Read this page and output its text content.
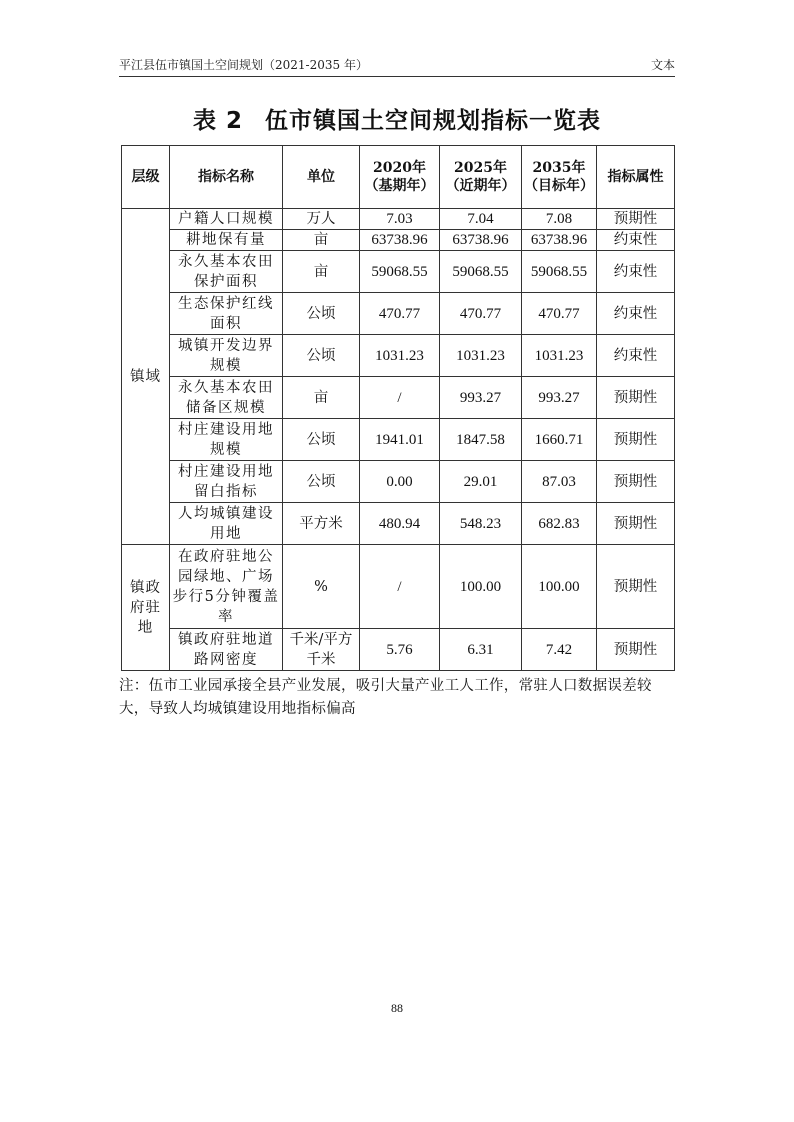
平江县伍市镇国土空间规划（2021-2035 年）	文本
表 2 伍市镇国土空间规划指标一览表
层级	指标名称	单位	2020年（基期年）	2025年（近期年）	2035年（目标年）	指标属性
镇域	户籍人口规模	万人	7.03	7.04	7.08	预期性
	耕地保有量	亩	63738.96	63738.96	63738.96	约束性
	永久基本农田保护面积	亩	59068.55	59068.55	59068.55	约束性
	生态保护红线面积	公顷	470.77	470.77	470.77	约束性
	城镇开发边界规模	公顷	1031.23	1031.23	1031.23	约束性
	永久基本农田储备区规模	亩	/	993.27	993.27	预期性
	村庄建设用地规模	公顷	1941.01	1847.58	1660.71	预期性
	村庄建设用地留白指标	公顷	0.00	29.01	87.03	预期性
	人均城镇建设用地	平方米	480.94	548.23	682.83	预期性
镇政府驻地	在政府驻地公园绿地、广场步行5分钟覆盖率	%	/	100.00	100.00	预期性
	镇政府驻地道路网密度	千米/平方千米	5.76	6.31	7.42	预期性
注：伍市工业园承接全县产业发展，吸引大量产业工人工作，常驻人口数据误差较大，导致人均城镇建设用地指标偏高
88
